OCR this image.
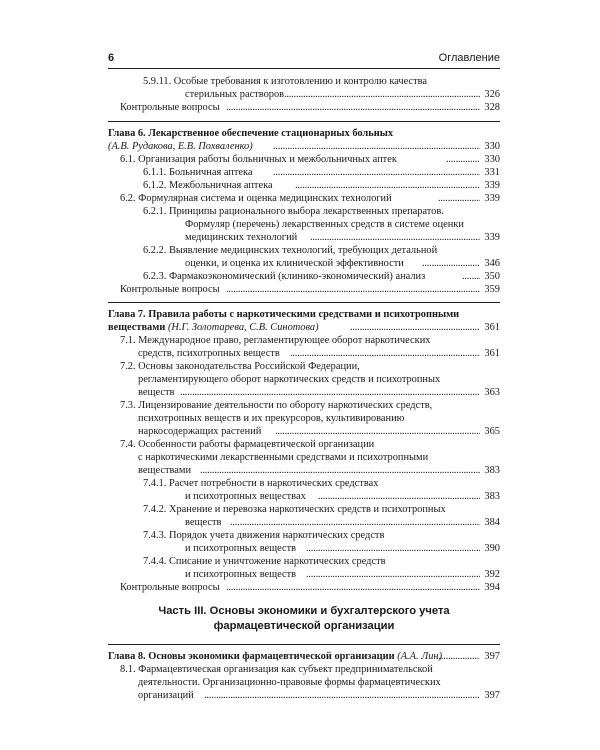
6	Оглавление
5.9.11. Особые требования к изготовлению и контролю качества
стерильных растворов . . .	326
Контрольные вопросы . . .	328
Глава 6. Лекарственное обеспечение стационарных больных
(А.В. Рудакова, Е.В. Похваленко) . . .	330
6.1. Организация работы больничных и межбольничных аптек . . .	330
6.1.1. Больничная аптека . . .	331
6.1.2. Межбольничная аптека . . .	339
6.2. Формулярная система и оценка медицинских технологий . . .	339
6.2.1. Принципы рационального выбора лекарственных препаратов.
Формуляр (перечень) лекарственных средств в системе оценки
медицинских технологий . . .	339
6.2.2. Выявление медицинских технологий, требующих детальной
оценки, и оценка их клинической эффективности . . .	346
6.2.3. Фармакоэкономический (клинико-экономический) анализ . . .	350
Контрольные вопросы . . .	359
Глава 7. Правила работы с наркотическими средствами и психотропными
веществами (Н.Г. Золотарева, С.В. Синотова) . . .	361
7.1. Международное право, регламентирующее оборот наркотических
средств, психотропных веществ . . .	361
7.2. Основы законодательства Российской Федерации,
регламентирующего оборот наркотических средств и психотропных
веществ . . .	363
7.3. Лицензирование деятельности по обороту наркотических средств,
психотропных веществ и их прекурсоров, культивированию
наркосодержащих растений . . .	365
7.4. Особенности работы фармацевтической организации
с наркотическими лекарственными средствами и психотропными
веществами . . .	383
7.4.1. Расчет потребности в наркотических средствах
и психотропных веществах . . .	383
7.4.2. Хранение и перевозка наркотических средств и психотропных
веществ . . .	384
7.4.3. Порядок учета движения наркотических средств
и психотропных веществ . . .	390
7.4.4. Списание и уничтожение наркотических средств
и психотропных веществ . . .	392
Контрольные вопросы . . .	394
Часть III. Основы экономики и бухгалтерского учета
фармацевтической организации
Глава 8. Основы экономики фармацевтической организации (А.А. Лин) . . .	397
8.1. Фармацевтическая организация как субъект предпринимательской
деятельности. Организационно-правовые формы фармацевтических
организаций . . .	397
